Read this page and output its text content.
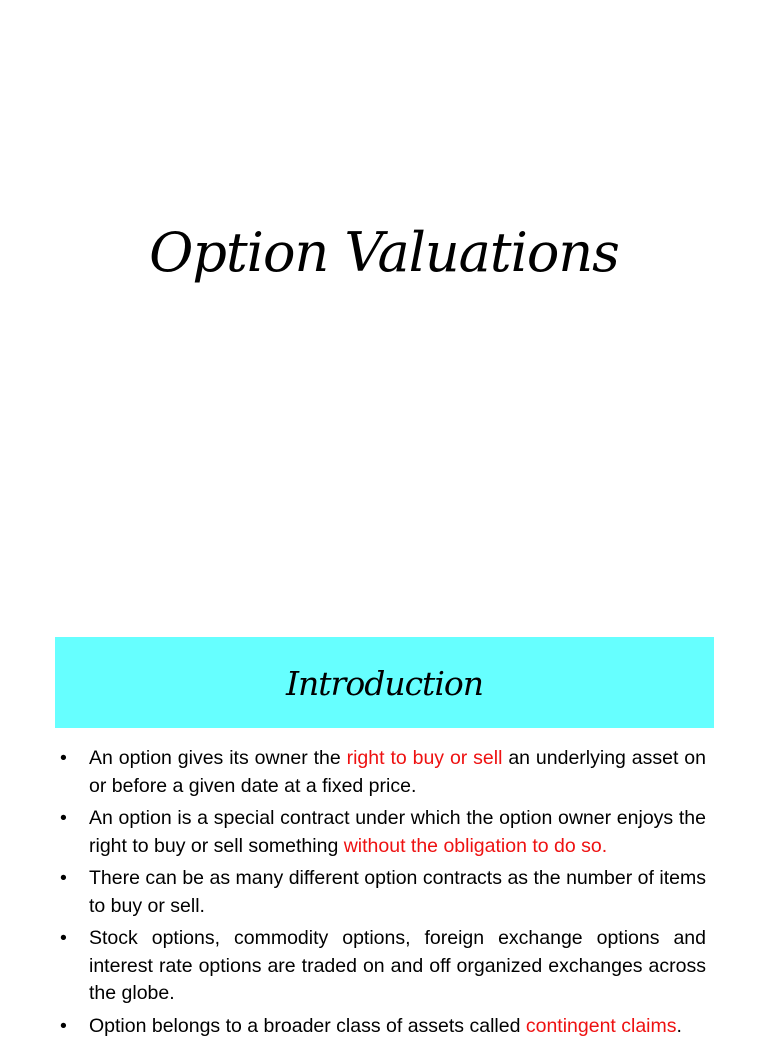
Option Valuations
Introduction
• An option gives its owner the right to buy or sell an underlying asset on or before a given date at a fixed price.
• An option is a special contract under which the option owner enjoys the right to buy or sell something without the obligation to do so.
• There can be as many different option contracts as the number of items to buy or sell.
• Stock options, commodity options, foreign exchange options and interest rate options are traded on and off organized exchanges across the globe.
• Option belongs to a broader class of assets called contingent claims.
